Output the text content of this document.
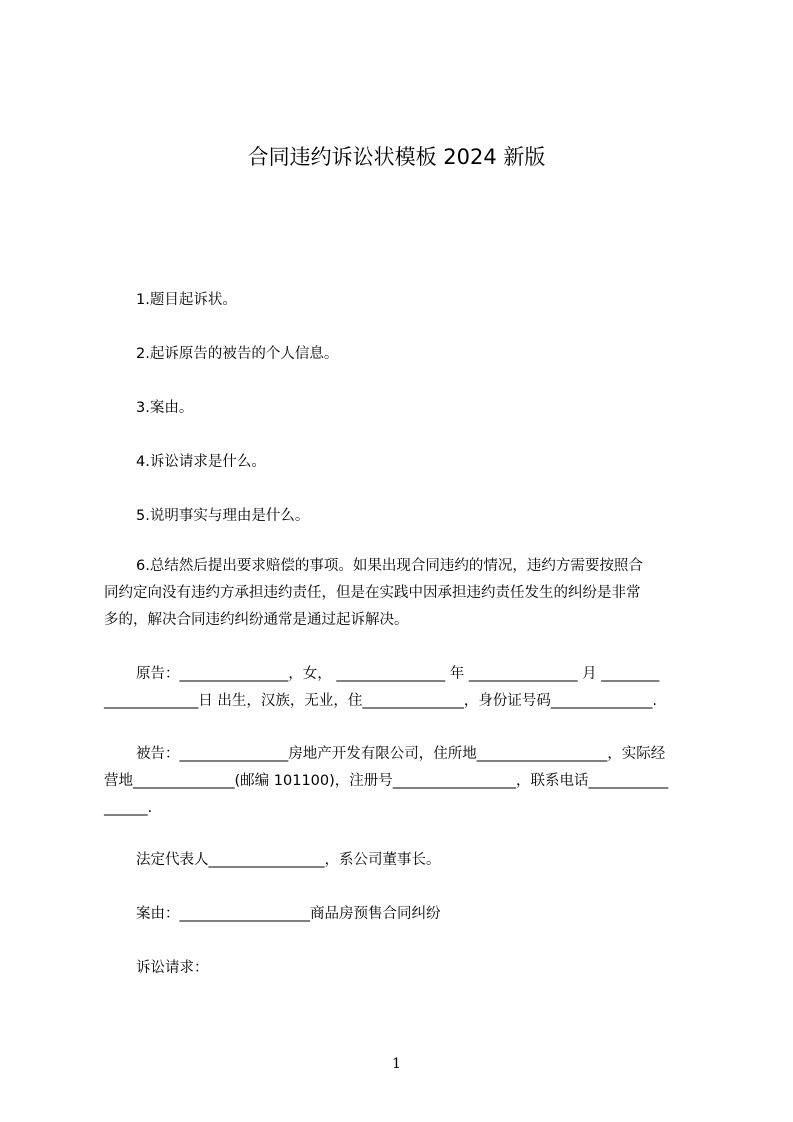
合同违约诉讼状模板 2024 新版

1.题目起诉状。

2.起诉原告的被告的个人信息。

3.案由。

4.诉讼请求是什么。

5.说明事实与理由是什么。

6.总结然后提出要求赔偿的事项。如果出现合同违约的情况，违约方需要按照合
同约定向没有违约方承担违约责任，但是在实践中因承担违约责任发生的纠纷是非常
多的，解决合同违约纠纷通常是通过起诉解决。
原告：_______________，女， _______________ 年 _______________ 月 ________
_____________日 出生，汉族，无业，住______________，身份证号码______________.
被告：_______________房地产开发有限公司，住所地__________________，实际经
营地______________(邮编 101100)，注册号_________________，联系电话___________
______.

法定代表人________________，系公司董事长。

案由：__________________商品房预售合同纠纷

诉讼请求：

1
